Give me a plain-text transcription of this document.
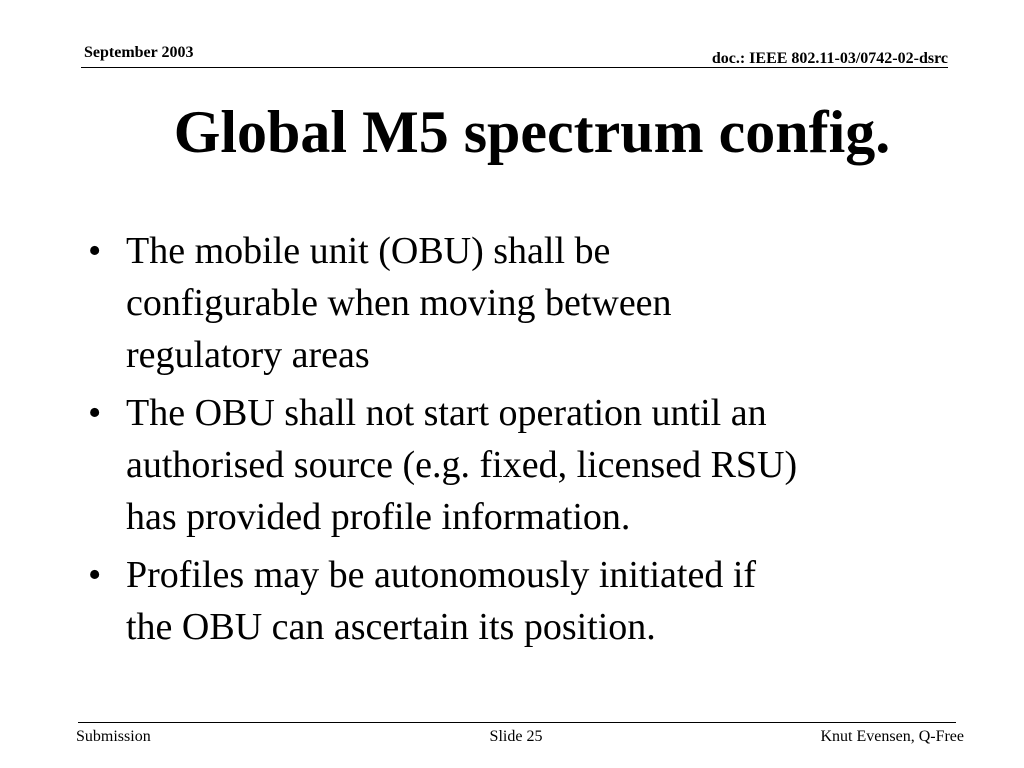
September 2003	doc.: IEEE 802.11-03/0742-02-dsrc
Global M5 spectrum config.
• The mobile unit (OBU) shall be
configurable when moving between
regulatory areas
• The OBU shall not start operation until an
authorised source (e.g. fixed, licensed RSU)
has provided profile information.
• Profiles may be autonomously initiated if
the OBU can ascertain its position.
Submission	Slide 25	Knut Evensen, Q-Free
